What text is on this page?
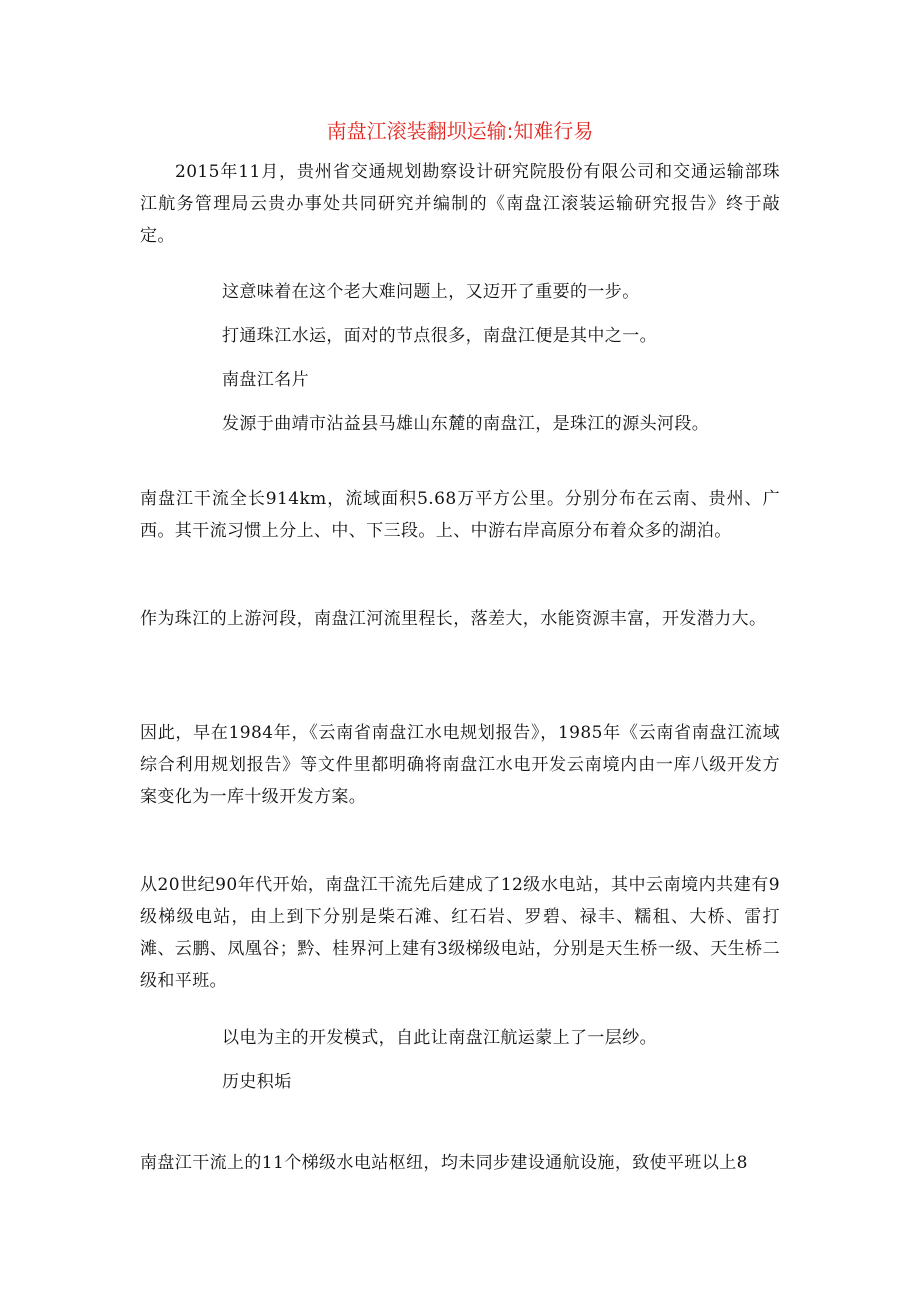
南盘江滚装翻坝运输:知难行易

2015年11月，贵州省交通规划勘察设计研究院股份有限公司和交通运输部珠江航务管理局云贵办事处共同研究并编制的《南盘江滚装运输研究报告》终于敲定。

这意味着在这个老大难问题上，又迈开了重要的一步。

打通珠江水运，面对的节点很多，南盘江便是其中之一。

南盘江名片

发源于曲靖市沾益县马雄山东麓的南盘江，是珠江的源头河段。

南盘江干流全长914km，流域面积5.68万平方公里。分别分布在云南、贵州、广西。其干流习惯上分上、中、下三段。上、中游右岸高原分布着众多的湖泊。

作为珠江的上游河段，南盘江河流里程长，落差大，水能资源丰富，开发潜力大。

因此，早在1984年，《云南省南盘江水电规划报告》，1985年《云南省南盘江流域综合利用规划报告》等文件里都明确将南盘江水电开发云南境内由一库八级开发方案变化为一库十级开发方案。

从20世纪90年代开始，南盘江干流先后建成了12级水电站，其中云南境内共建有9级梯级电站，由上到下分别是柴石滩、红石岩、罗碧、禄丰、糯租、大桥、雷打滩、云鹏、凤凰谷；黔、桂界河上建有3级梯级电站，分别是天生桥一级、天生桥二级和平班。

以电为主的开发模式，自此让南盘江航运蒙上了一层纱。

历史积垢

南盘江干流上的11个梯级水电站枢纽，均未同步建设通航设施，致使平班以上8
